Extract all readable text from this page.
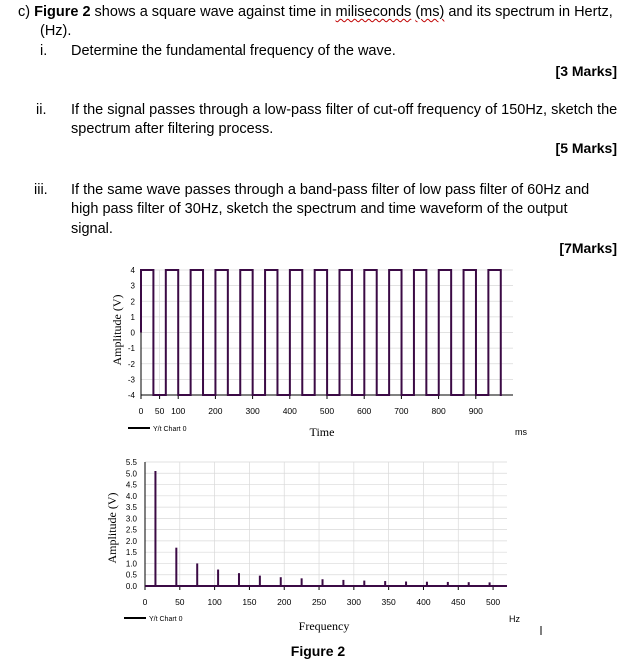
c) Figure 2 shows a square wave against time in miliseconds (ms) and its spectrum in Hertz,
(Hz).
i. Determine the fundamental frequency of the wave.
[3 Marks]
ii. If the signal passes through a low-pass filter of cut-off frequency of 150Hz, sketch the
spectrum after filtering process.
[5 Marks]
iii. If the same wave passes through a band-pass filter of low pass filter of 60Hz and
high pass filter of 30Hz, sketch the spectrum and time waveform of the output
signal.
[7Marks]
4
3
2
1
0
-1
-2
-3
-4
0 50 100	200	300	400	500	600	700	800	900
Amplitude (V)
Y/t Chart 0	Time	ms
5.5
5.0
4.5
4.0
3.5
3.0
2.5
2.0
1.5
1.0
0.5
0.0
0	50	100 150 200 250 300 350 400 450 500
Amplitude (V)
Y/t Chart 0	Frequency	Hz
Figure 2
